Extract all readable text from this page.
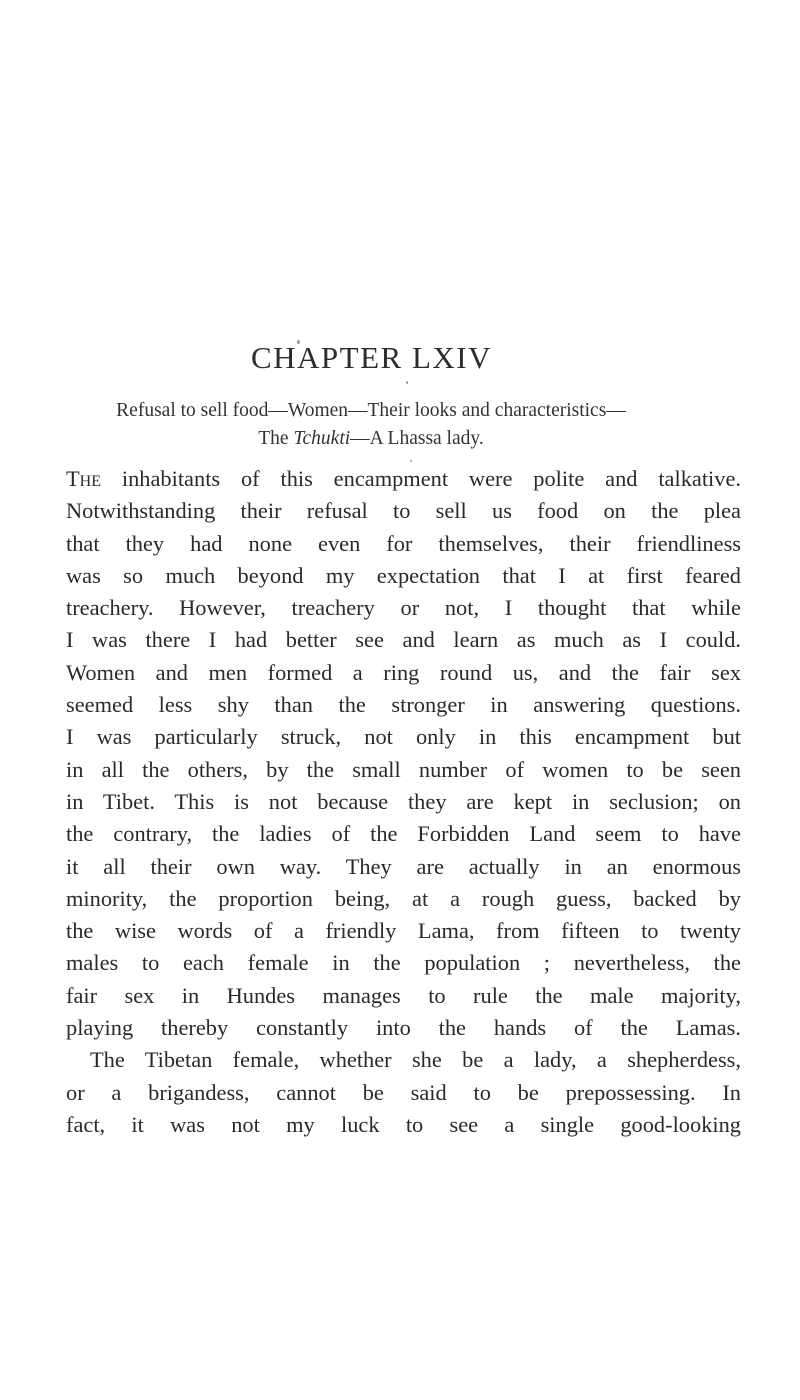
CHAPTER LXIV
Refusal to sell food—Women—Their looks and characteristics—
The Tchukti—A Lhassa lady.
The inhabitants of this encampment were polite and talkative.
Notwithstanding their refusal to sell us food on the plea
that they had none even for themselves, their friendliness
was so much beyond my expectation that I at first feared
treachery. However, treachery or not, I thought that while
I was there I had better see and learn as much as I could.
Women and men formed a ring round us, and the fair sex
seemed less shy than the stronger in answering questions.
I was particularly struck, not only in this encampment but
in all the others, by the small number of women to be seen
in Tibet. This is not because they are kept in seclusion; on
the contrary, the ladies of the Forbidden Land seem to have
it all their own way. They are actually in an enormous
minority, the proportion being, at a rough guess, backed by
the wise words of a friendly Lama, from fifteen to twenty
males to each female in the population ; nevertheless, the
fair sex in Hundes manages to rule the male majority,
playing thereby constantly into the hands of the Lamas.
The Tibetan female, whether she be a lady, a shepherdess,
or a brigandess, cannot be said to be prepossessing. In
fact, it was not my luck to see a single good-looking
